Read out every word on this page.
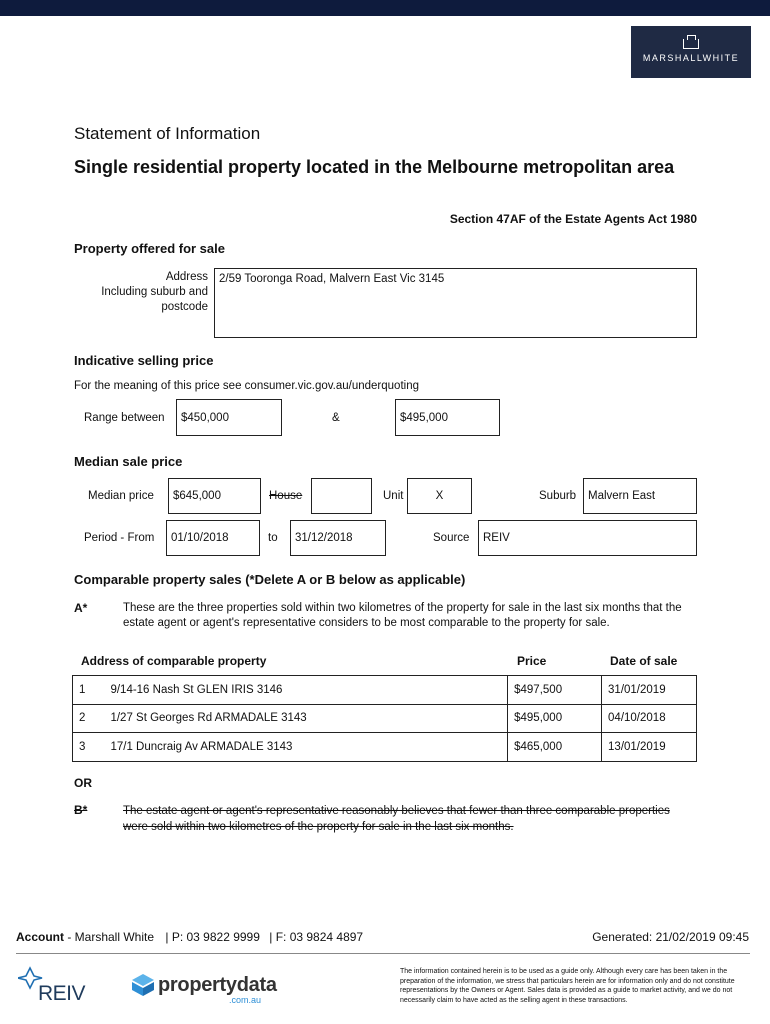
MARSHALLWHITE
Statement of Information
Single residential property located in the Melbourne metropolitan area
Section 47AF of the Estate Agents Act 1980
Property offered for sale
Address
Including suburb and
postcode
2/59 Tooronga Road, Malvern East Vic 3145
Indicative selling price
For the meaning of this price see consumer.vic.gov.au/underquoting
Range between $450,000	&	$495,000
Median sale price
Median price $645,000	House	Unit	X	Suburb Malvern East
Period - From 01/10/2018	to 31/12/2018	Source REIV
Comparable property sales (*Delete A or B below as applicable)
A*	These are the three properties sold within two kilometres of the property for sale in the last six months that the estate agent or agent's representative considers to be most comparable to the property for sale.
Address of comparable property	Price	Date of sale
1	9/14-16 Nash St GLEN IRIS 3146	$497,500	31/01/2019
2	1/27 St Georges Rd ARMADALE 3143	$495,000	04/10/2018
3	17/1 Duncraig Av ARMADALE 3143	$465,000	13/01/2019
OR
B*	The estate agent or agent's representative reasonably believes that fewer than three comparable properties were sold within two kilometres of the property for sale in the last six months.
Account - Marshall White | P: 03 9822 9999 | F: 03 9824 4897	Generated: 21/02/2019 09:45
REIV	propertydata
.com.au
The information contained herein is to be used as a guide only. Although every care has been taken in the preparation of the information, we stress that particulars herein are for information only and do not constitute representations by the Owners or Agent. Sales data is provided as a guide to market activity, and we do not necessarily claim to have acted as the selling agent in these transactions.
